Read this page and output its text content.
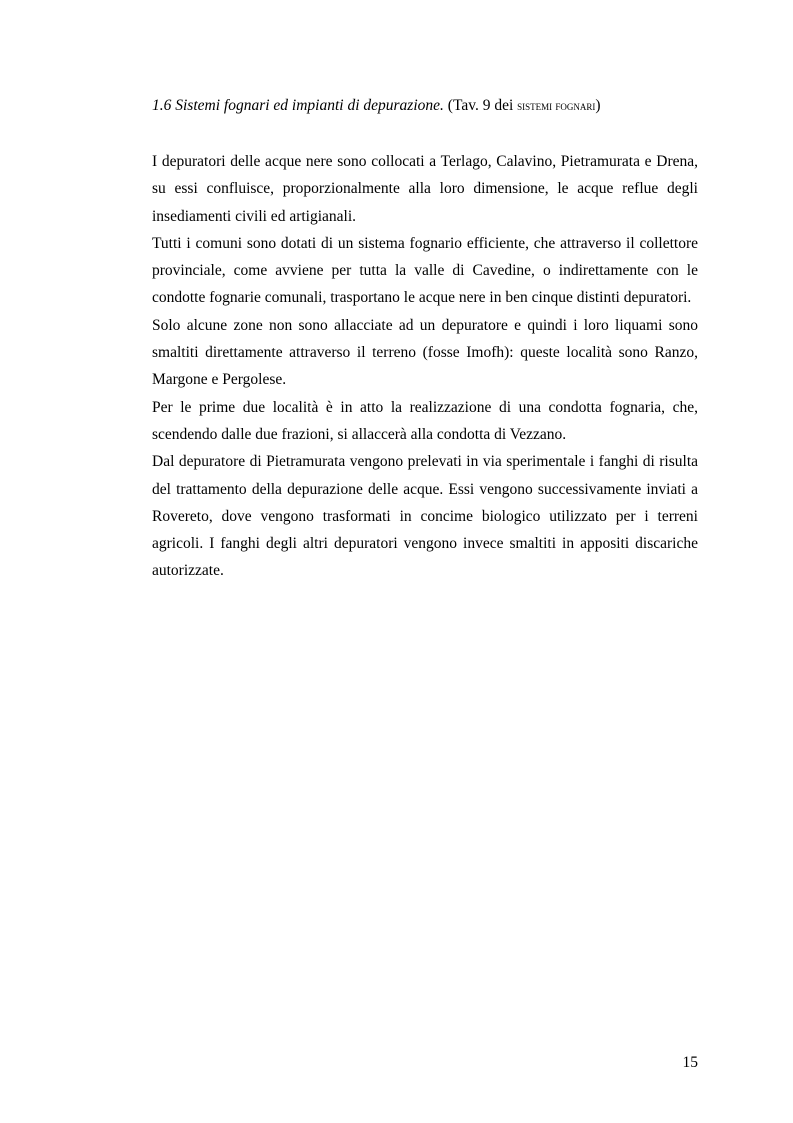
1.6 Sistemi fognari ed impianti di depurazione. (Tav. 9 dei sistemi fognari)

I depuratori delle acque nere sono collocati a Terlago, Calavino, Pietramurata e Drena, su essi confluisce, proporzionalmente alla loro dimensione, le acque reflue degli insediamenti civili ed artigianali.

Tutti i comuni sono dotati di un sistema fognario efficiente, che attraverso il collettore provinciale, come avviene per tutta la valle di Cavedine, o indirettamente con le condotte fognarie comunali, trasportano le acque nere in ben cinque distinti depuratori.

Solo alcune zone non sono allacciate ad un depuratore e quindi i loro liquami sono smaltiti direttamente attraverso il terreno (fosse Imofh): queste località sono Ranzo, Margone e Pergolese.

Per le prime due località è in atto la realizzazione di una condotta fognaria, che, scendendo dalle due frazioni, si allaccerà alla condotta di Vezzano.

Dal depuratore di Pietramurata vengono prelevati in via sperimentale i fanghi di risulta del trattamento della depurazione delle acque. Essi vengono successivamente inviati a Rovereto, dove vengono trasformati in concime biologico utilizzato per i terreni agricoli. I fanghi degli altri depuratori vengono invece smaltiti in appositi discariche autorizzate.

15
